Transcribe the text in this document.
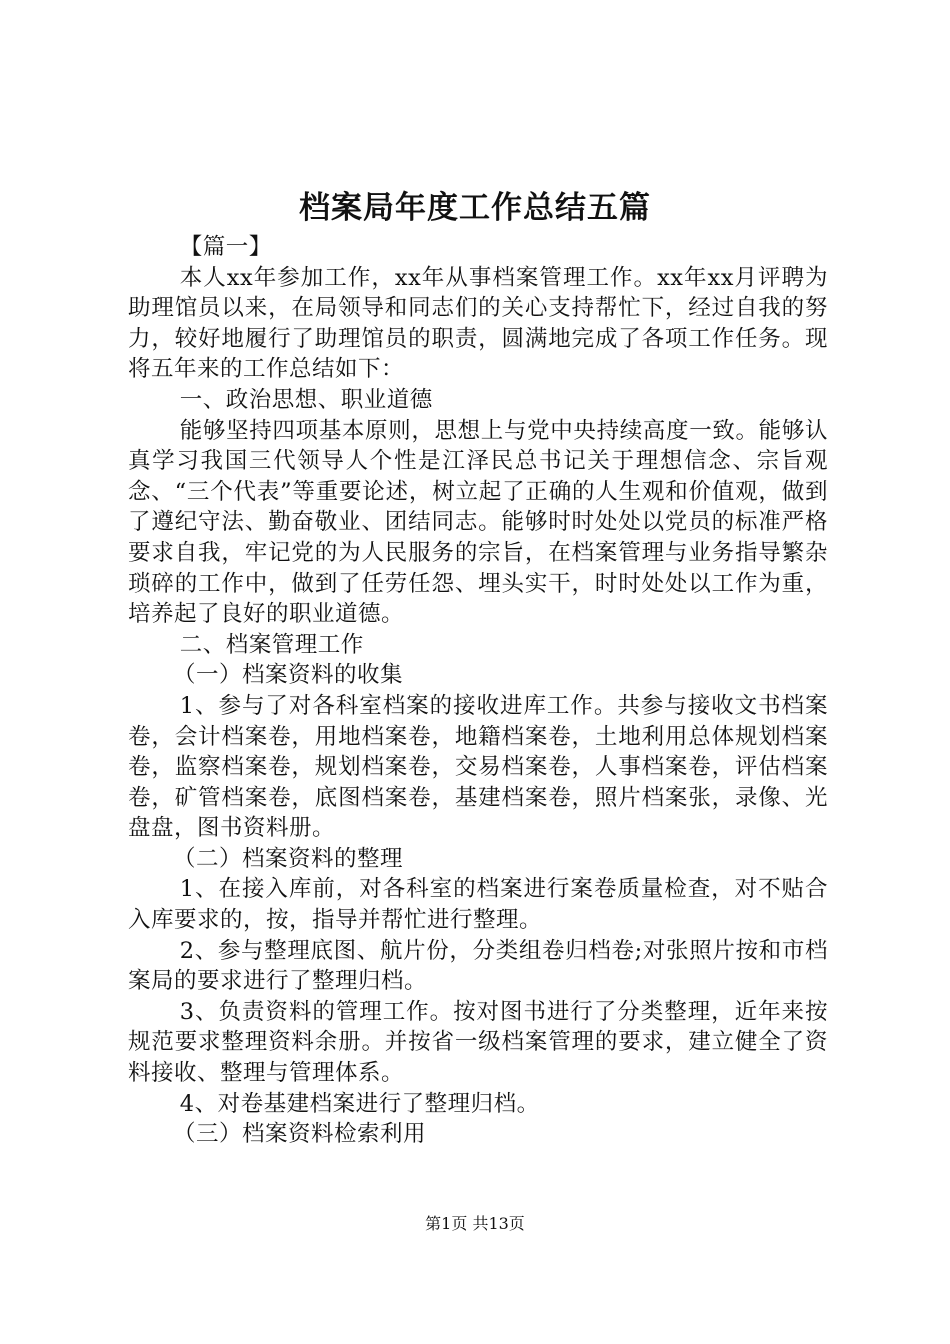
档案局年度工作总结五篇

【篇一】

本人xx年参加工作，xx年从事档案管理工作。xx年xx月评聘为助理馆员以来，在局领导和同志们的关心支持帮忙下，经过自我的努力，较好地履行了助理馆员的职责，圆满地完成了各项工作任务。现将五年来的工作总结如下：

一、政治思想、职业道德

能够坚持四项基本原则，思想上与党中央持续高度一致。能够认真学习我国三代领导人个性是江泽民总书记关于理想信念、宗旨观念、“三个代表”等重要论述，树立起了正确的人生观和价值观，做到了遵纪守法、勤奋敬业、团结同志。能够时时处处以党员的标准严格要求自我，牢记党的为人民服务的宗旨，在档案管理与业务指导繁杂琐碎的工作中，做到了任劳任怨、埋头实干，时时处处以工作为重，培养起了良好的职业道德。

二、档案管理工作

（一）档案资料的收集

1、参与了对各科室档案的接收进库工作。共参与接收文书档案卷，会计档案卷，用地档案卷，地籍档案卷，土地利用总体规划档案卷，监察档案卷，规划档案卷，交易档案卷，人事档案卷，评估档案卷，矿管档案卷，底图档案卷，基建档案卷，照片档案张，录像、光盘盘，图书资料册。

（二）档案资料的整理

1、在接入库前，对各科室的档案进行案卷质量检查，对不贴合入库要求的，按，指导并帮忙进行整理。

2、参与整理底图、航片份，分类组卷归档卷;对张照片按和市档案局的要求进行了整理归档。

3、负责资料的管理工作。按对图书进行了分类整理，近年来按规范要求整理资料余册。并按省一级档案管理的要求，建立健全了资料接收、整理与管理体系。

4、对卷基建档案进行了整理归档。

（三）档案资料检索利用

第1页 共13页
